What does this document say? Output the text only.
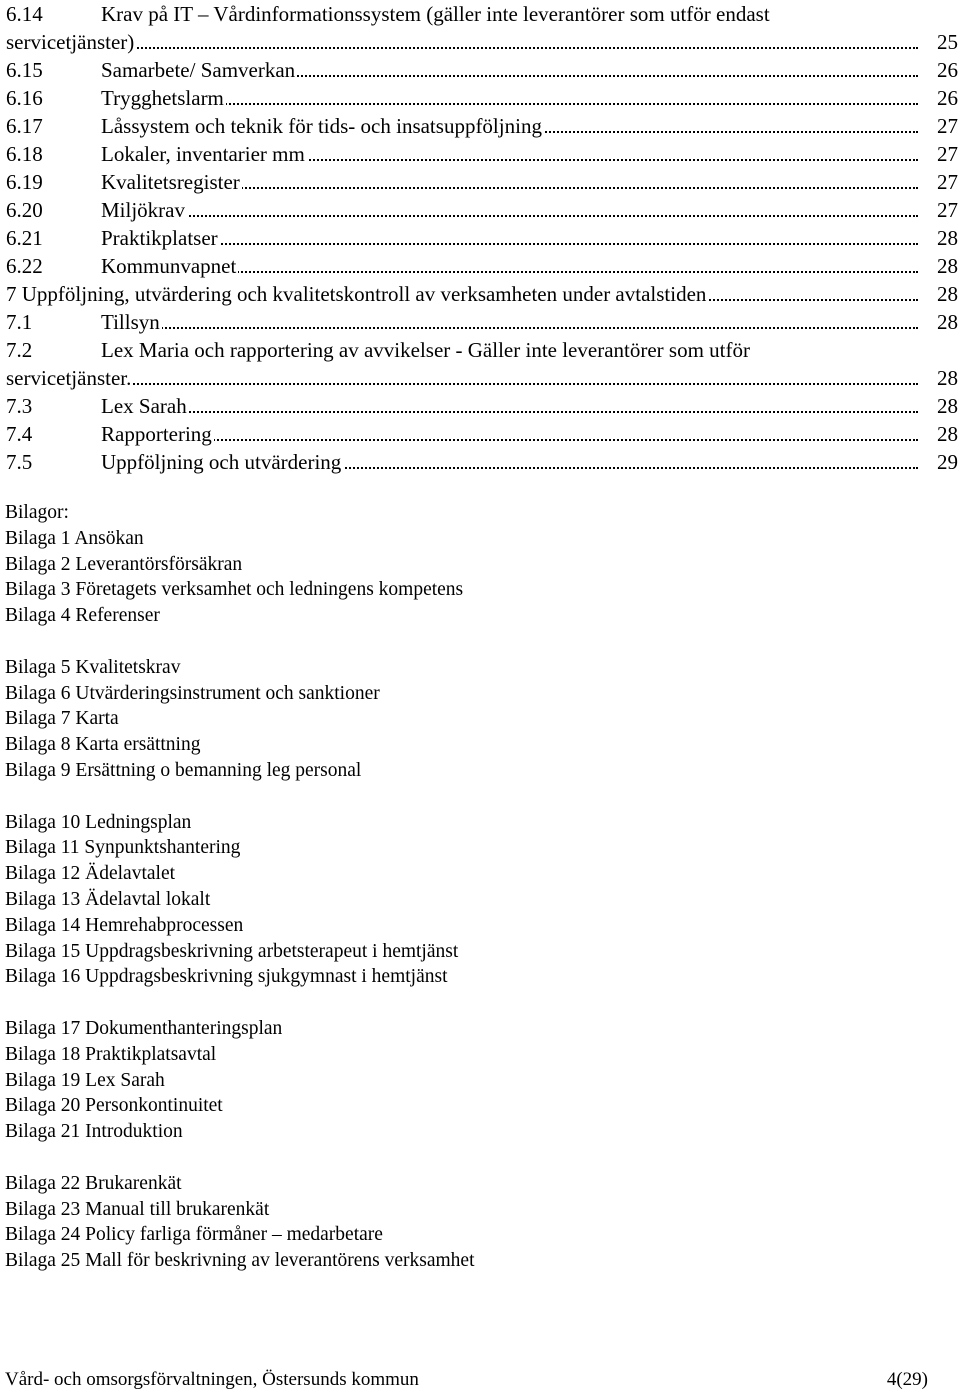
6.14	Krav på IT – Vårdinformationssystem (gäller inte leverantörer som utför endast
servicetjänster)	25
6.15	Samarbete/ Samverkan	26
6.16	Trygghetslarm	26
6.17	Låssystem och teknik för tids- och insatsuppföljning	27
6.18	Lokaler, inventarier mm	27
6.19	Kvalitetsregister	27
6.20	Miljökrav	27
6.21	Praktikplatser	28
6.22	Kommunvapnet	28
7 Uppföljning, utvärdering och kvalitetskontroll av verksamheten under avtalstiden	28
7.1	Tillsyn	28
7.2	Lex Maria och rapportering av avvikelser - Gäller inte leverantörer som utför
servicetjänster.	28
7.3	Lex Sarah	28
7.4	Rapportering	28
7.5	Uppföljning och utvärdering	29
Bilagor:
Bilaga 1 Ansökan
Bilaga 2 Leverantörsförsäkran
Bilaga 3 Företagets verksamhet och ledningens kompetens
Bilaga 4 Referenser
Bilaga 5 Kvalitetskrav
Bilaga 6 Utvärderingsinstrument och sanktioner
Bilaga 7 Karta
Bilaga 8 Karta ersättning
Bilaga 9 Ersättning o bemanning leg personal
Bilaga 10 Ledningsplan
Bilaga 11 Synpunktshantering
Bilaga 12 Ädelavtalet
Bilaga 13 Ädelavtal lokalt
Bilaga 14 Hemrehabprocessen
Bilaga 15 Uppdragsbeskrivning arbetsterapeut i hemtjänst
Bilaga 16 Uppdragsbeskrivning sjukgymnast i hemtjänst
Bilaga 17 Dokumenthanteringsplan
Bilaga 18 Praktikplatsavtal
Bilaga 19 Lex Sarah
Bilaga 20 Personkontinuitet
Bilaga 21 Introduktion
Bilaga 22 Brukarenkät
Bilaga 23 Manual till brukarenkät
Bilaga 24 Policy farliga förmåner – medarbetare
Bilaga 25 Mall för beskrivning av leverantörens verksamhet
Vård- och omsorgsförvaltningen, Östersunds kommun	4(29)
